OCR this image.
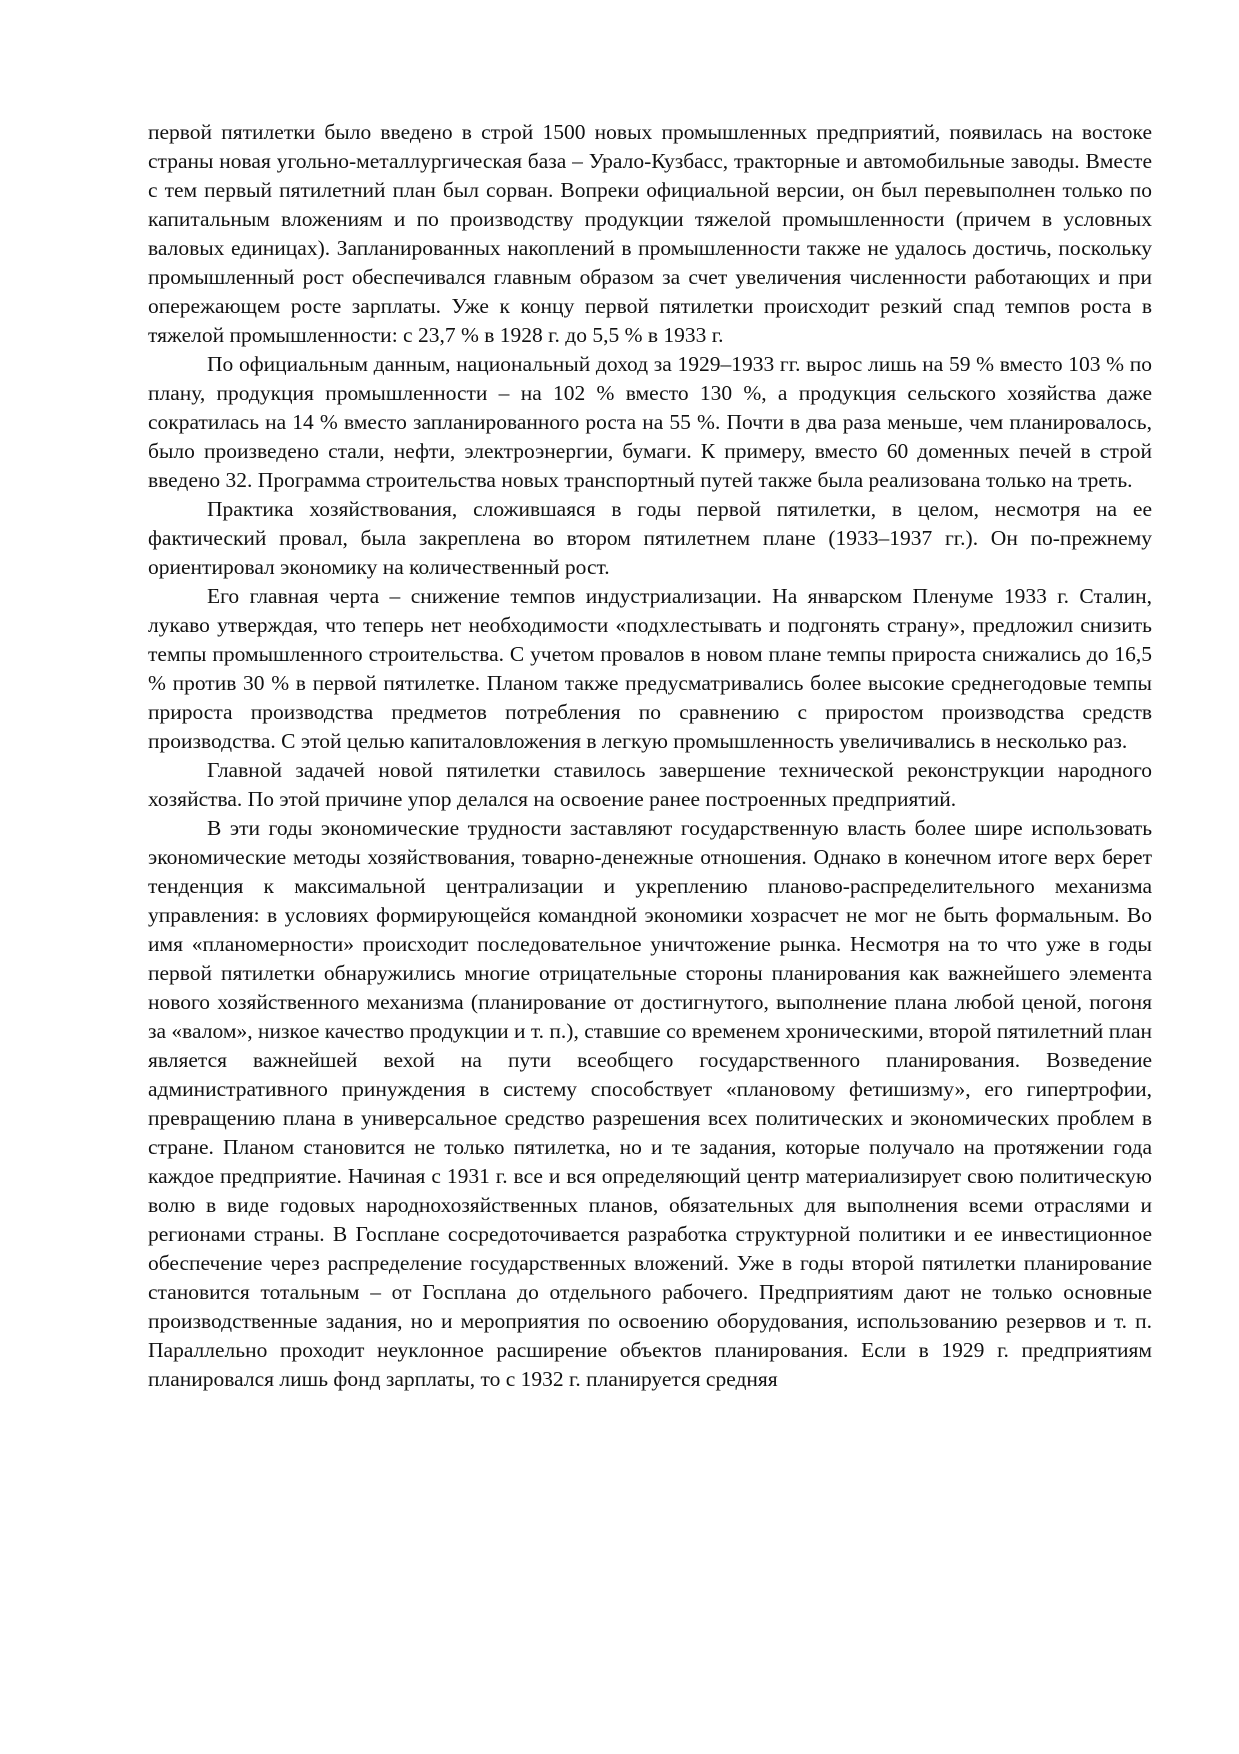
первой пятилетки было введено в строй 1500 новых промышленных предприятий, появилась на востоке страны новая угольно-металлургическая база – Урало-Кузбасс, тракторные и автомобильные заводы. Вместе с тем первый пятилетний план был сорван. Вопреки официальной версии, он был перевыполнен только по капитальным вложениям и по производству продукции тяжелой промышленности (причем в условных валовых единицах). Запланированных накоплений в промышленности также не удалось достичь, поскольку промышленный рост обеспечивался главным образом за счет увеличения численности работающих и при опережающем росте зарплаты. Уже к концу первой пятилетки происходит резкий спад темпов роста в тяжелой промышленности: с 23,7 % в 1928 г. до 5,5 % в 1933 г.

По официальным данным, национальный доход за 1929–1933 гг. вырос лишь на 59 % вместо 103 % по плану, продукция промышленности – на 102 % вместо 130 %, а продукция сельского хозяйства даже сократилась на 14 % вместо запланированного роста на 55 %. Почти в два раза меньше, чем планировалось, было произведено стали, нефти, электроэнергии, бумаги. К примеру, вместо 60 доменных печей в строй введено 32. Программа строительства новых транспортный путей также была реализована только на треть.

Практика хозяйствования, сложившаяся в годы первой пятилетки, в целом, несмотря на ее фактический провал, была закреплена во втором пятилетнем плане (1933–1937 гг.). Он по-прежнему ориентировал экономику на количественный рост.

Его главная черта – снижение темпов индустриализации. На январском Пленуме 1933 г. Сталин, лукаво утверждая, что теперь нет необходимости «подхлестывать и подгонять страну», предложил снизить темпы промышленного строительства. С учетом провалов в новом плане темпы прироста снижались до 16,5 % против 30 % в первой пятилетке. Планом также предусматривались более высокие среднегодовые темпы прироста производства предметов потребления по сравнению с приростом производства средств производства. С этой целью капиталовложения в легкую промышленность увеличивались в несколько раз.

Главной задачей новой пятилетки ставилось завершение технической реконструкции народного хозяйства. По этой причине упор делался на освоение ранее построенных предприятий.

В эти годы экономические трудности заставляют государственную власть более шире использовать экономические методы хозяйствования, товарно-денежные отношения. Однако в конечном итоге верх берет тенденция к максимальной централизации и укреплению планово-распределительного механизма управления: в условиях формирующейся командной экономики хозрасчет не мог не быть формальным. Во имя «планомерности» происходит последовательное уничтожение рынка. Несмотря на то что уже в годы первой пятилетки обнаружились многие отрицательные стороны планирования как важнейшего элемента нового хозяйственного механизма (планирование от достигнутого, выполнение плана любой ценой, погоня за «валом», низкое качество продукции и т. п.), ставшие со временем хроническими, второй пятилетний план является важнейшей вехой на пути всеобщего государственного планирования. Возведение административного принуждения в систему способствует «плановому фетишизму», его гипертрофии, превращению плана в универсальное средство разрешения всех политических и экономических проблем в стране. Планом становится не только пятилетка, но и те задания, которые получало на протяжении года каждое предприятие. Начиная с 1931 г. все и вся определяющий центр материализирует свою политическую волю в виде годовых народнохозяйственных планов, обязательных для выполнения всеми отраслями и регионами страны. В Госплане сосредоточивается разработка структурной политики и ее инвестиционное обеспечение через распределение государственных вложений. Уже в годы второй пятилетки планирование становится тотальным – от Госплана до отдельного рабочего. Предприятиям дают не только основные производственные задания, но и мероприятия по освоению оборудования, использованию резервов и т. п. Параллельно проходит неуклонное расширение объектов планирования. Если в 1929 г. предприятиям планировался лишь фонд зарплаты, то с 1932 г. планируется средняя
